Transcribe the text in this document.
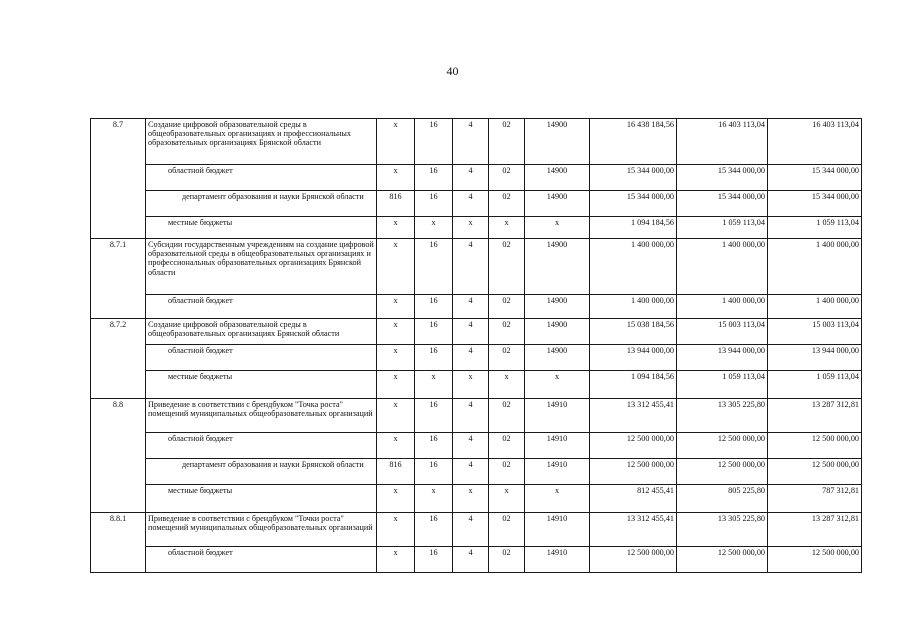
40
8.7	Создание цифровой образовательной среды в общеобразовательных организациях и профессиональных образовательных организациях Брянской области	x	16	4	02	14900	16 438 184,56	16 403 113,04	16 403 113,04
	областной бюджет	x	16	4	02	14900	15 344 000,00	15 344 000,00	15 344 000,00
	департамент образования и науки Брянской области	816	16	4	02	14900	15 344 000,00	15 344 000,00	15 344 000,00
	местные бюджеты	x	x	x	x	x	1 094 184,56	1 059 113,04	1 059 113,04
8.7.1	Субсидии государственным учреждениям на создание цифровой образовательной среды в общеобразовательных организациях и профессиональных образовательных организациях Брянской области	x	16	4	02	14900	1 400 000,00	1 400 000,00	1 400 000,00
	областной бюджет	x	16	4	02	14900	1 400 000,00	1 400 000,00	1 400 000,00
8.7.2	Создание цифровой образовательной среды в общеобразовательных организациях Брянской области	x	16	4	02	14900	15 038 184,56	15 003 113,04	15 003 113,04
	областной бюджет	x	16	4	02	14900	13 944 000,00	13 944 000,00	13 944 000,00
	местные бюджеты	x	x	x	x	x	1 094 184,56	1 059 113,04	1 059 113,04
8.8	Приведение в соответствии с брендбуком "Точка роста" помещений муниципальных общеобразовательных организаций	x	16	4	02	14910	13 312 455,41	13 305 225,80	13 287 312,81
	областной бюджет	x	16	4	02	14910	12 500 000,00	12 500 000,00	12 500 000,00
	департамент образования и науки Брянской области	816	16	4	02	14910	12 500 000,00	12 500 000,00	12 500 000,00
	местные бюджеты	x	x	x	x	x	812 455,41	805 225,80	787 312,81
8.8.1	Приведение в соответствии с брендбуком "Точки роста" помещений муниципальных общеобразовательных организаций	x	16	4	02	14910	13 312 455,41	13 305 225,80	13 287 312,81
	областной бюджет	x	16	4	02	14910	12 500 000,00	12 500 000,00	12 500 000,00
